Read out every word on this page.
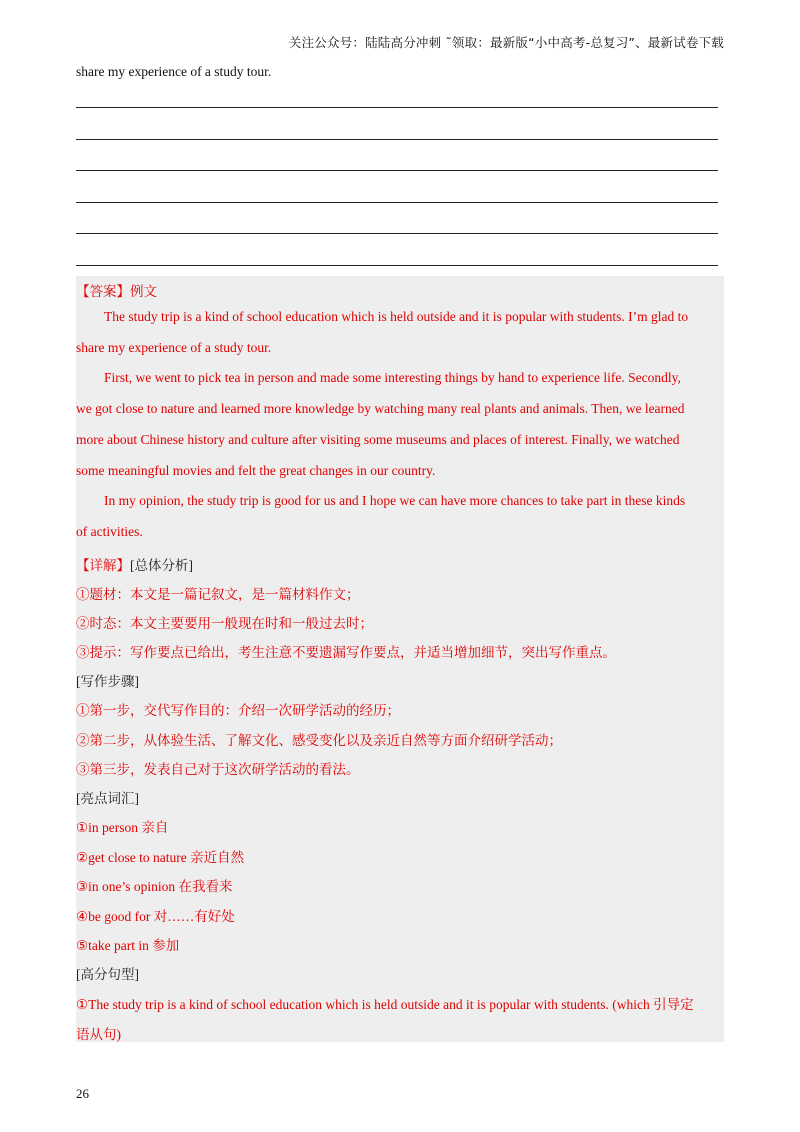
关注公众号：陆陆高分冲刺 ˜领取：最新版“小中高考-总复习”、最新试卷下载
share my experience of a study tour.
【答案】例文
The study trip is a kind of school education which is held outside and it is popular with students. I’m glad to
share my experience of a study tour.
First, we went to pick tea in person and made some interesting things by hand to experience life. Secondly,
we got close to nature and learned more knowledge by watching many real plants and animals. Then, we learned
more about Chinese history and culture after visiting some museums and places of interest. Finally, we watched
some meaningful movies and felt the great changes in our country.
In my opinion, the study trip is good for us and I hope we can have more chances to take part in these kinds
of activities.
【详解】[总体分析]
①题材：本文是一篇记叙文，是一篇材料作文；
②时态：本文主要要用一般现在时和一般过去时；
③提示：写作要点已给出，考生注意不要遗漏写作要点，并适当增加细节，突出写作重点。
[写作步骤]
①第一步，交代写作目的：介绍一次研学活动的经历；
②第二步，从体验生活、了解文化、感受变化以及亲近自然等方面介绍研学活动；
③第三步，发表自己对于这次研学活动的看法。
[亮点词汇]
①in person 亲自
②get close to nature 亲近自然
③in one’s opinion 在我看来
④be good for 对……有好处
⑤take part in 参加
[高分句型]
①The study trip is a kind of school education which is held outside and it is popular with students. (which 引导定
语从句)
26
